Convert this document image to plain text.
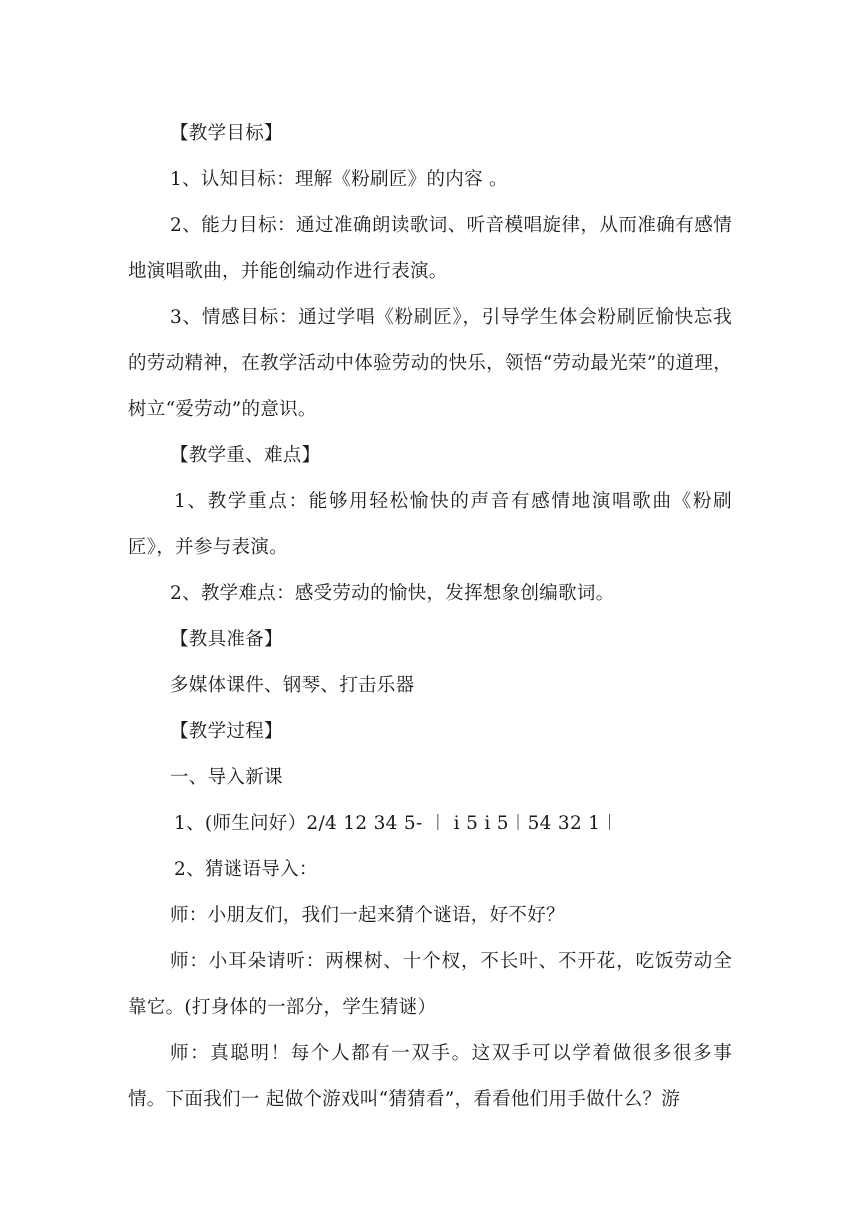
【教学目标】

1、认知目标：理解《粉刷匠》的内容 。

2、能力目标：通过准确朗读歌词、听音模唱旋律，从而准确有感情地演唱歌曲，并能创编动作进行表演。

3、情感目标：通过学唱《粉刷匠》，引导学生体会粉刷匠愉快忘我的劳动精神，在教学活动中体验劳动的快乐，领悟“劳动最光荣”的道理，树立“爱劳动”的意识。

【教学重、难点】

1、教学重点：能够用轻松愉快的声音有感情地演唱歌曲《粉刷匠》，并参与表演。

2、教学难点：感受劳动的愉快，发挥想象创编歌词。

【教具准备】

多媒体课件、钢琴、打击乐器

【教学过程】

一、导入新课

1、(师生问好）2/4 12 34 5- ︱ i 5 i 5︱54 32 1︱

2、猜谜语导入：

师：小朋友们，我们一起来猜个谜语，好不好？

师：小耳朵请听：两棵树、十个杈，不长叶、不开花，吃饭劳动全靠它。(打身体的一部分，学生猜谜）

师：真聪明！每个人都有一双手。这双手可以学着做很多很多事情。下面我们一 起做个游戏叫“猜猜看”，看看他们用手做什么？游
